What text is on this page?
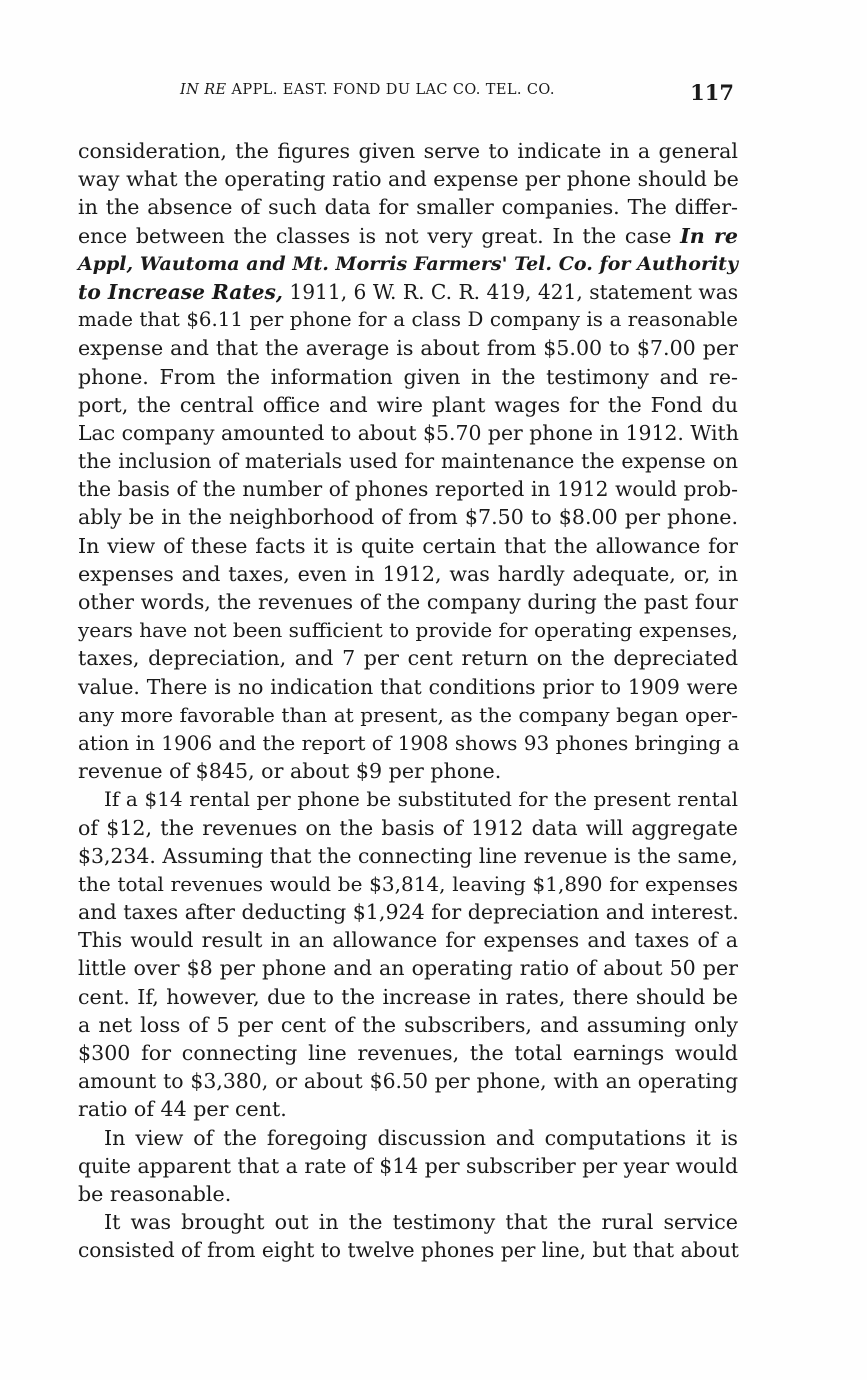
IN RE APPL. EAST. FOND DU LAC CO. TEL. CO.	117
consideration, the figures given serve to indicate in a general
way what the operating ratio and expense per phone should be
in the absence of such data for smaller companies. The differ-
ence between the classes is not very great. In the case In re
Appl, Wautoma and Mt. Morris Farmers' Tel. Co. for Authority
to Increase Rates, 1911, 6 W. R. C. R. 419, 421, statement was
made that $6.11 per phone for a class D company is a reasonable
expense and that the average is about from $5.00 to $7.00 per
phone. From the information given in the testimony and re-
port, the central office and wire plant wages for the Fond du
Lac company amounted to about $5.70 per phone in 1912. With
the inclusion of materials used for maintenance the expense on
the basis of the number of phones reported in 1912 would prob-
ably be in the neighborhood of from $7.50 to $8.00 per phone.
In view of these facts it is quite certain that the allowance for
expenses and taxes, even in 1912, was hardly adequate, or, in
other words, the revenues of the company during the past four
years have not been sufficient to provide for operating expenses,
taxes, depreciation, and 7 per cent return on the depreciated
value. There is no indication that conditions prior to 1909 were
any more favorable than at present, as the company began oper-
ation in 1906 and the report of 1908 shows 93 phones bringing a
revenue of $845, or about $9 per phone.
If a $14 rental per phone be substituted for the present rental
of $12, the revenues on the basis of 1912 data will aggregate
$3,234. Assuming that the connecting line revenue is the same,
the total revenues would be $3,814, leaving $1,890 for expenses
and taxes after deducting $1,924 for depreciation and interest.
This would result in an allowance for expenses and taxes of a
little over $8 per phone and an operating ratio of about 50 per
cent. If, however, due to the increase in rates, there should be
a net loss of 5 per cent of the subscribers, and assuming only
$300 for connecting line revenues, the total earnings would
amount to $3,380, or about $6.50 per phone, with an operating
ratio of 44 per cent.
In view of the foregoing discussion and computations it is
quite apparent that a rate of $14 per subscriber per year would
be reasonable.
It was brought out in the testimony that the rural service
consisted of from eight to twelve phones per line, but that about
